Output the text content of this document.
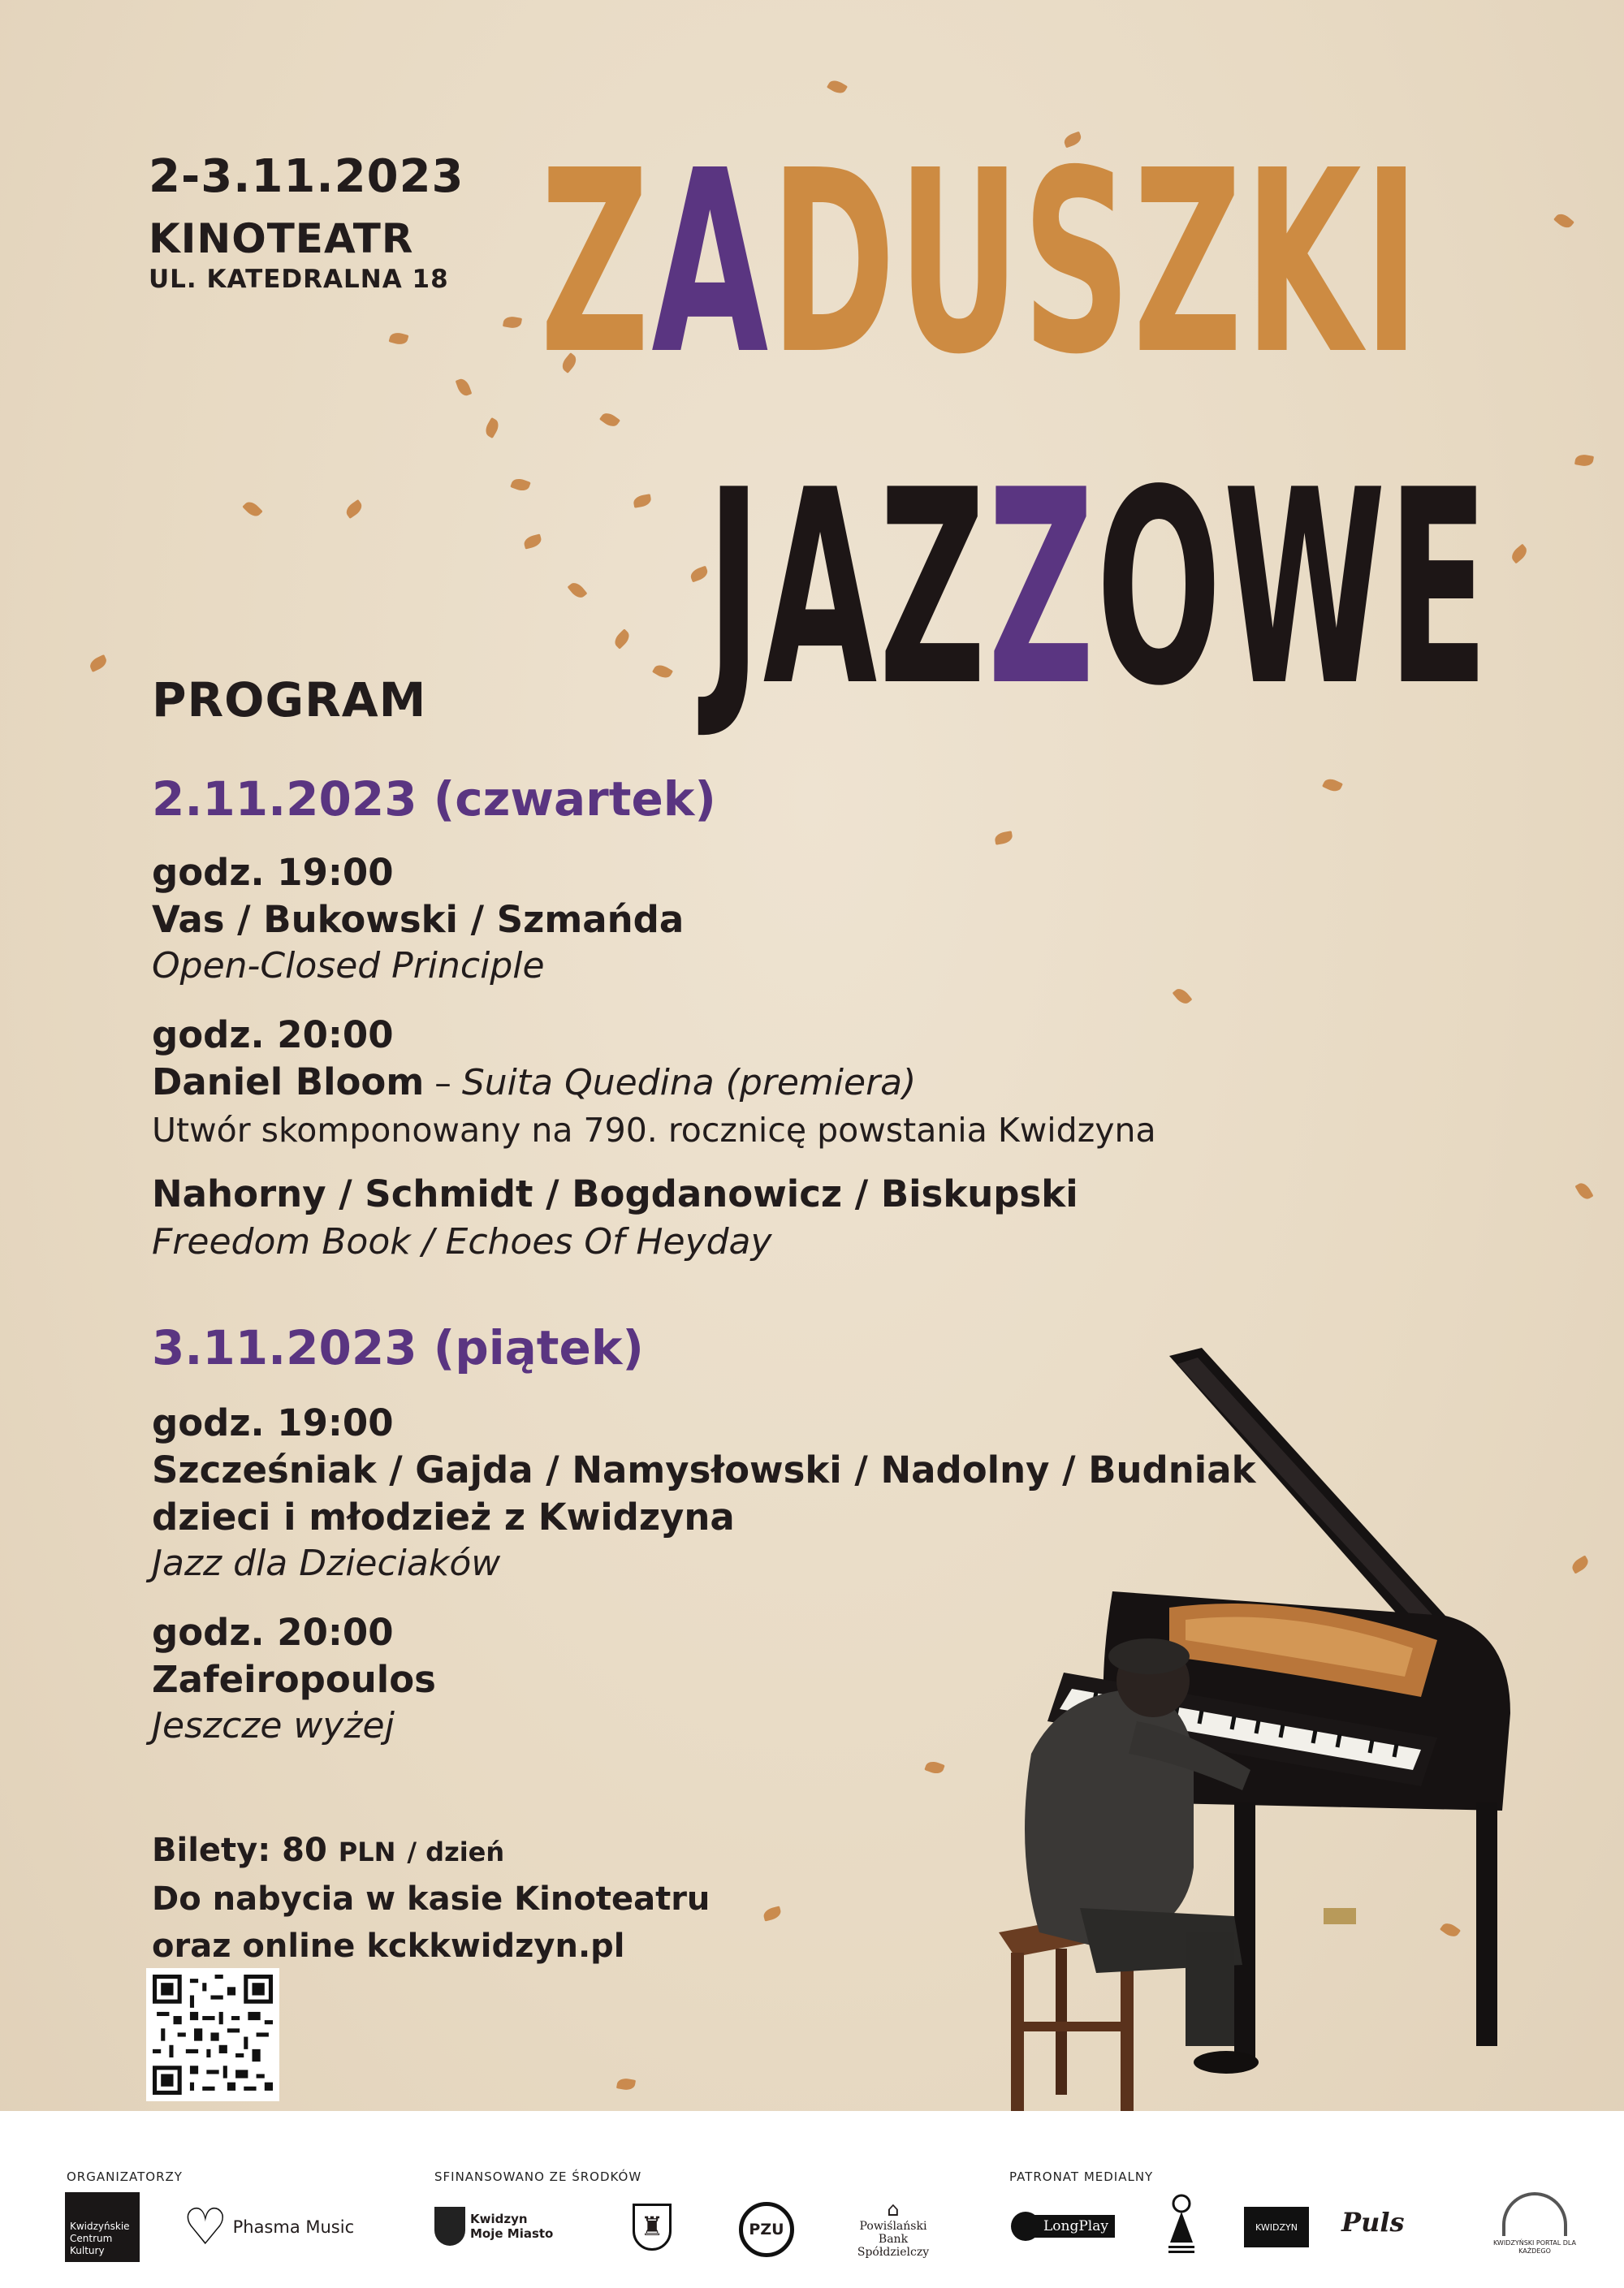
2-3.11.2023
KINOTEATR
UL. KATEDRALNA 18 ZADUSZKI
JAZZOWE
PROGRAM
2.11.2023 (czwartek)
godz. 19:00
Vas / Bukowski / Szmańda
Open-Closed Principle
godz. 20:00
Daniel Bloom – Suita Quedina (premiera)
Utwór skomponowany na 790. rocznicę powstania Kwidzyna
Nahorny / Schmidt / Bogdanowicz / Biskupski
Freedom Book / Echoes Of Heyday
3.11.2023 (piątek)
godz. 19:00
Szcześniak / Gajda / Namysłowski / Nadolny / Budniak
dzieci i młodzież z Kwidzyna
Jazz dla Dzieciaków
godz. 20:00
Zafeiropoulos
Jeszcze wyżej
Bilety: 80 PLN / dzień
Do nabycia w kasie Kinoteatru
oraz online kckkwidzyn.pl
ORGANIZATORZY	SFINANSOWANO ZE ŚRODKÓW	PATRONAT MEDIALNY
Kwidzyńskie Centrum Kultury	♡ Phasma Music	Kwidzyn Moje Miasto	♜	PZU
⌂
Powiślański Bank Spółdzielczy
LongPlay	KWIDZYN Puls
KWIDZYŃSKI PORTAL DLA KAŻDEGO
